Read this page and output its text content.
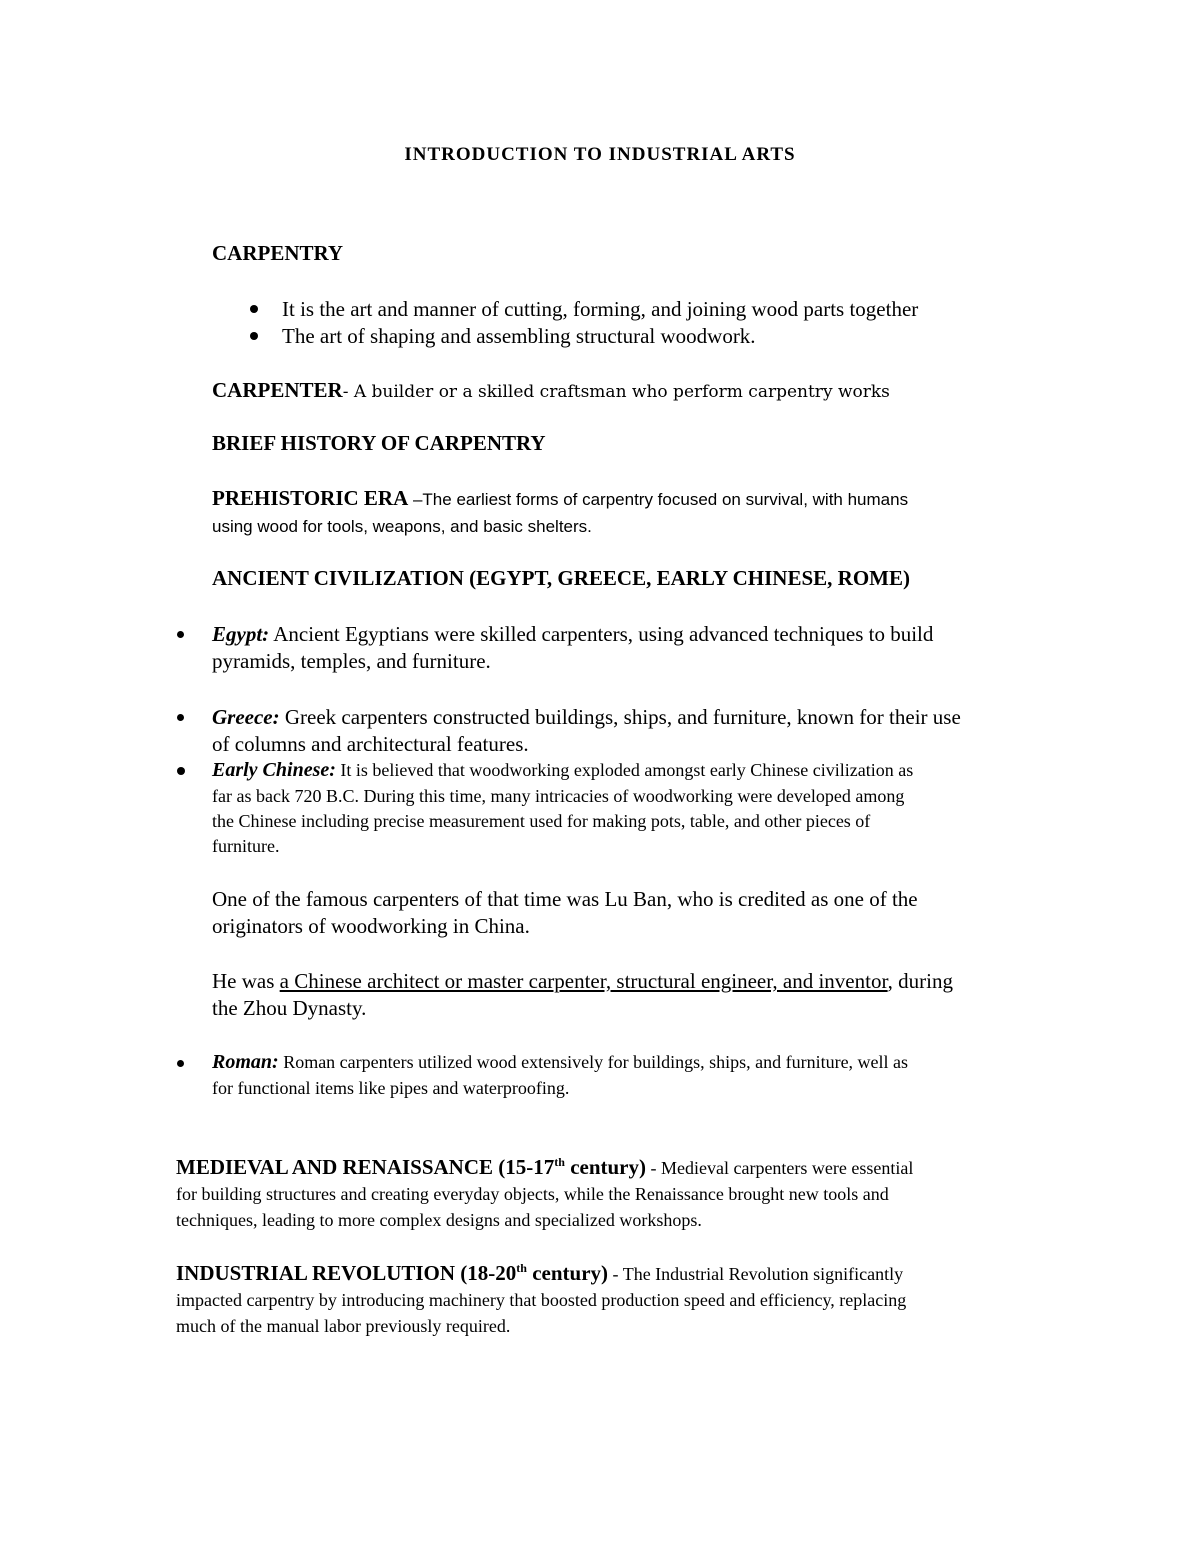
INTRODUCTION TO INDUSTRIAL ARTS
CARPENTRY
It is the art and manner of cutting, forming, and joining wood parts together
The art of shaping and assembling structural woodwork.
CARPENTER- A builder or a skilled craftsman who perform carpentry works
BRIEF HISTORY OF CARPENTRY
PREHISTORIC ERA –The earliest forms of carpentry focused on survival, with humans
using wood for tools, weapons, and basic shelters.
ANCIENT CIVILIZATION (EGYPT, GREECE, EARLY CHINESE, ROME)
Egypt: Ancient Egyptians were skilled carpenters, using advanced techniques to build
pyramids, temples, and furniture.
Greece: Greek carpenters constructed buildings, ships, and furniture, known for their use
of columns and architectural features.
Early Chinese: It is believed that woodworking exploded amongst early Chinese civilization as
far as back 720 B.C. During this time, many intricacies of woodworking were developed among
the Chinese including precise measurement used for making pots, table, and other pieces of
furniture.
One of the famous carpenters of that time was Lu Ban, who is credited as one of the
originators of woodworking in China.
He was a Chinese architect or master carpenter, structural engineer, and inventor, during
the Zhou Dynasty.
Roman: Roman carpenters utilized wood extensively for buildings, ships, and furniture, well as
for functional items like pipes and waterproofing.
MEDIEVAL AND RENAISSANCE (15-17th century) - Medieval carpenters were essential
for building structures and creating everyday objects, while the Renaissance brought new tools and
techniques, leading to more complex designs and specialized workshops.
INDUSTRIAL REVOLUTION (18-20th century) - The Industrial Revolution significantly
impacted carpentry by introducing machinery that boosted production speed and efficiency, replacing
much of the manual labor previously required.
